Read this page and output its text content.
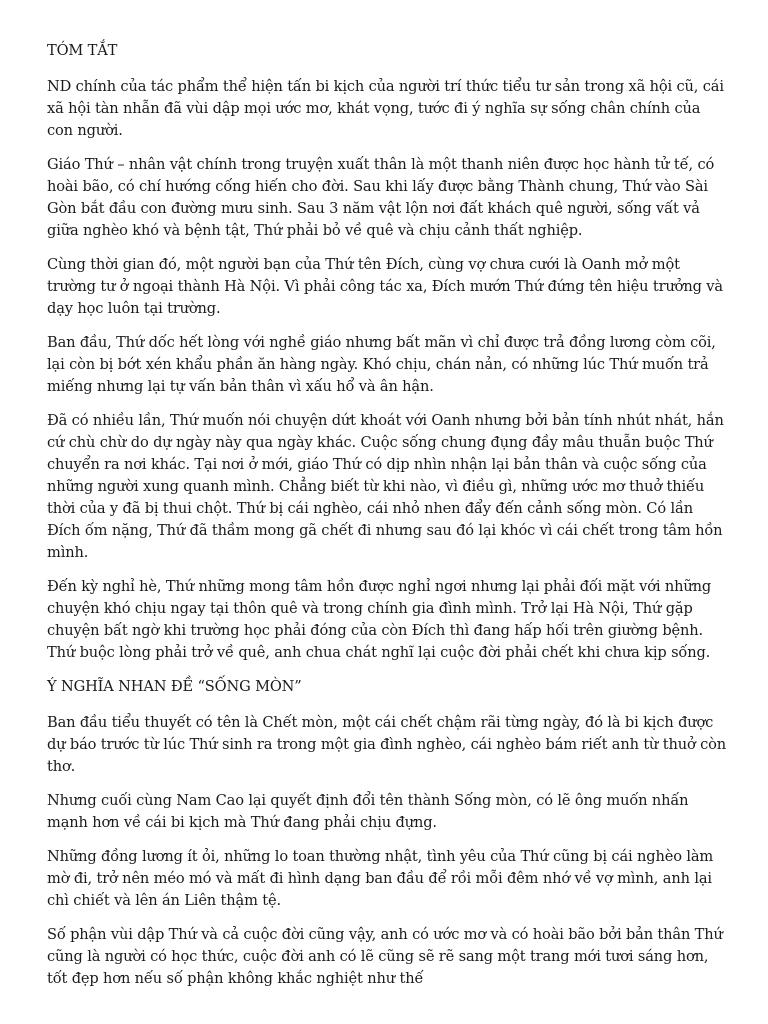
TÓM TẮT

ND chính của tác phẩm thể hiện tấn bi kịch của người trí thức tiểu tư sản trong xã hội cũ, cái xã hội tàn nhẫn đã vùi dập mọi ước mơ, khát vọng, tước đi ý nghĩa sự sống chân chính của con người.

Giáo Thứ – nhân vật chính trong truyện xuất thân là một thanh niên được học hành tử tế, có hoài bão, có chí hướng cống hiến cho đời. Sau khi lấy được bằng Thành chung, Thứ vào Sài Gòn bắt đầu con đường mưu sinh. Sau 3 năm vật lộn nơi đất khách quê người, sống vất vả giữa nghèo khó và bệnh tật, Thứ phải bỏ về quê và chịu cảnh thất nghiệp.

Cùng thời gian đó, một người bạn của Thứ tên Đích, cùng vợ chưa cưới là Oanh mở một trường tư ở ngoại thành Hà Nội. Vì phải công tác xa, Đích mướn Thứ đứng tên hiệu trưởng và dạy học luôn tại trường.

Ban đầu, Thứ dốc hết lòng với nghề giáo nhưng bất mãn vì chỉ được trả đồng lương còm cõi, lại còn bị bớt xén khẩu phần ăn hàng ngày. Khó chịu, chán nản, có những lúc Thứ muốn trả miếng nhưng lại tự vấn bản thân vì xấu hổ và ân hận.

Đã có nhiều lần, Thứ muốn nói chuyện dứt khoát với Oanh nhưng bởi bản tính nhút nhát, hắn cứ chù chừ do dự ngày này qua ngày khác. Cuộc sống chung đụng đầy mâu thuẫn buộc Thứ chuyển ra nơi khác. Tại nơi ở mới, giáo Thứ có dịp nhìn nhận lại bản thân và cuộc sống của những người xung quanh mình. Chẳng biết từ khi nào, vì điều gì, những ước mơ thuở thiếu thời của y đã bị thui chột. Thứ bị cái nghèo, cái nhỏ nhen đẩy đến cảnh sống mòn. Có lần Đích ốm nặng, Thứ đã thầm mong gã chết đi nhưng sau đó lại khóc vì cái chết trong tâm hồn mình.

Đến kỳ nghỉ hè, Thứ những mong tâm hồn được nghỉ ngơi nhưng lại phải đối mặt với những chuyện khó chịu ngay tại thôn quê và trong chính gia đình mình. Trở lại Hà Nội, Thứ gặp chuyện bất ngờ khi trường học phải đóng của còn Đích thì đang hấp hối trên giường bệnh. Thứ buộc lòng phải trở về quê, anh chua chát nghĩ lại cuộc đời phải chết khi chưa kịp sống.

Ý NGHĨA NHAN ĐỀ “SỐNG MÒN”

Ban đầu tiểu thuyết có tên là Chết mòn, một cái chết chậm rãi từng ngày, đó là bi kịch được dự báo trước từ lúc Thứ sinh ra trong một gia đình nghèo, cái nghèo bám riết anh từ thuở còn thơ.

Nhưng cuối cùng Nam Cao lại quyết định đổi tên thành Sống mòn, có lẽ ông muốn nhấn mạnh hơn về cái bi kịch mà Thứ đang phải chịu đựng.

Những đồng lương ít ỏi, những lo toan thường nhật, tình yêu của Thứ cũng bị cái nghèo làm mờ đi, trở nên méo mó và mất đi hình dạng ban đầu để rồi mỗi đêm nhớ về vợ mình, anh lại chì chiết và lên án Liên thậm tệ.

Số phận vùi dập Thứ và cả cuộc đời cũng vậy, anh có ước mơ và có hoài bão bởi bản thân Thứ cũng là người có học thức, cuộc đời anh có lẽ cũng sẽ rẽ sang một trang mới tươi sáng hơn, tốt đẹp hơn nếu số phận không khắc nghiệt như thế
